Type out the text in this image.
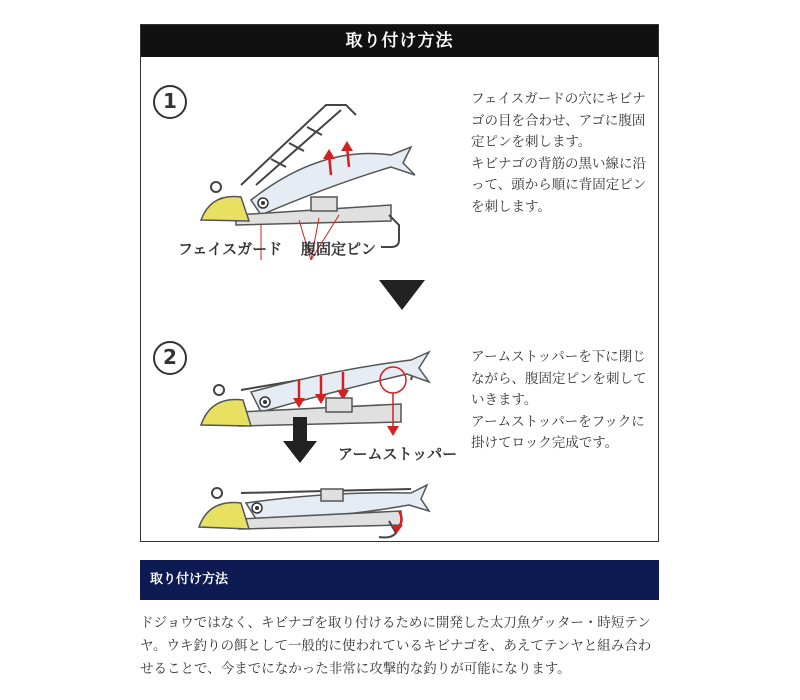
取り付け方法
1
フェイスガード 腹固定ピン
フェイスガードの穴にキビナゴの目を合わせ、アゴに腹固定ピンを刺します。
キビナゴの背筋の黒い線に沿って、頭から順に背固定ピンを刺します。
2	アームストッパーを下に閉じながら、腹固定ピンを刺していきます。
アームストッパーをフックに掛けてロック完成です。
アームストッパー
取り付け方法
ドジョウではなく、キビナゴを取り付けるために開発した太刀魚ゲッター・時短テンヤ。ウキ釣りの餌として一般的に使われているキビナゴを、あえてテンヤと組み合わせることで、今までになかった非常に攻撃的な釣りが可能になります。
